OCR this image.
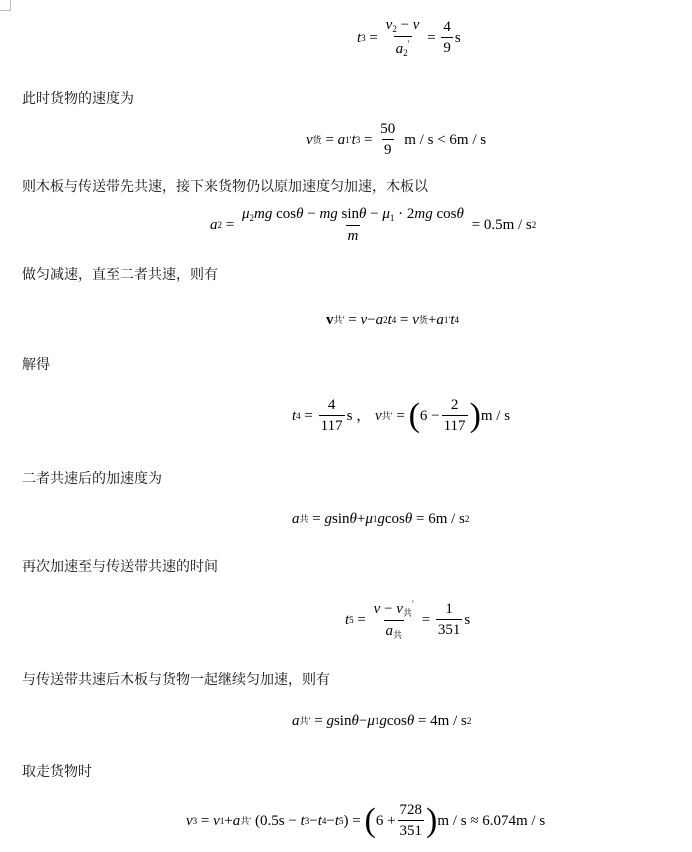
t $3 = \frac{v_2 - v}{a_2'} = \frac{4}{9}$ s
此时货物的速度为
v 货 = a 1 ′ t $3 = \frac{50}{9}$ m / s < 6m / s
则木板与传送带先共速，接下来货物仍以原加速度匀加速，木板以
a $2 = \frac{\mu_2mg \cos\theta - mg \sin\theta - \mu_1 \cdot 2mg \cos\theta}{m}$
= 0.5m / s 2
做匀减速，直至二者共速，则有
v 共 ′ = v − a 2 t 4 = v 货 + a 1 ′ t 4
解得
t $4 = \frac{4}{117}$ s ，
v 共 ′ = ( $6 - \frac{2}{117}$ ) m / s
二者共速后的加速度为
a 共 = g sin θ + μ 1 g cos θ
= 6m / s 2
再次加速至与传送带共速的时间
t $5 = \frac{v - v_共'}{a_共} = \frac{1}{351}$ s
与传送带共速后木板与货物一起继续匀加速，则有
a 共 ′ = g sin θ − μ 1 g cos θ
= 4m / s 2
取走货物时
v 3 = v 1 + a 共 ′ ( 0.5s −
t 3 − t 4 − t 5 ) = ( $6 + \frac{728}{351}$ ) m / s ≈ 6.074m / s
